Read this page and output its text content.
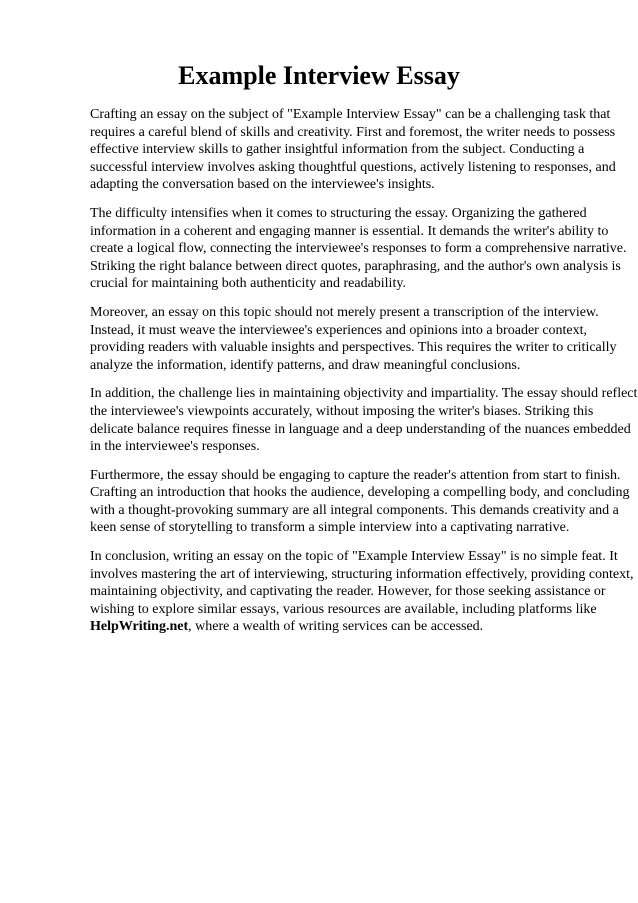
Example Interview Essay

Crafting an essay on the subject of "Example Interview Essay" can be a challenging task that
requires a careful blend of skills and creativity. First and foremost, the writer needs to possess
effective interview skills to gather insightful information from the subject. Conducting a
successful interview involves asking thoughtful questions, actively listening to responses, and
adapting the conversation based on the interviewee's insights.

The difficulty intensifies when it comes to structuring the essay. Organizing the gathered
information in a coherent and engaging manner is essential. It demands the writer's ability to
create a logical flow, connecting the interviewee's responses to form a comprehensive narrative.
Striking the right balance between direct quotes, paraphrasing, and the author's own analysis is
crucial for maintaining both authenticity and readability.

Moreover, an essay on this topic should not merely present a transcription of the interview.
Instead, it must weave the interviewee's experiences and opinions into a broader context,
providing readers with valuable insights and perspectives. This requires the writer to critically
analyze the information, identify patterns, and draw meaningful conclusions.

In addition, the challenge lies in maintaining objectivity and impartiality. The essay should reflect
the interviewee's viewpoints accurately, without imposing the writer's biases. Striking this
delicate balance requires finesse in language and a deep understanding of the nuances embedded
in the interviewee's responses.

Furthermore, the essay should be engaging to capture the reader's attention from start to finish.
Crafting an introduction that hooks the audience, developing a compelling body, and concluding
with a thought-provoking summary are all integral components. This demands creativity and a
keen sense of storytelling to transform a simple interview into a captivating narrative.

In conclusion, writing an essay on the topic of "Example Interview Essay" is no simple feat. It
involves mastering the art of interviewing, structuring information effectively, providing context,
maintaining objectivity, and captivating the reader. However, for those seeking assistance or
wishing to explore similar essays, various resources are available, including platforms like
HelpWriting.net, where a wealth of writing services can be accessed.
